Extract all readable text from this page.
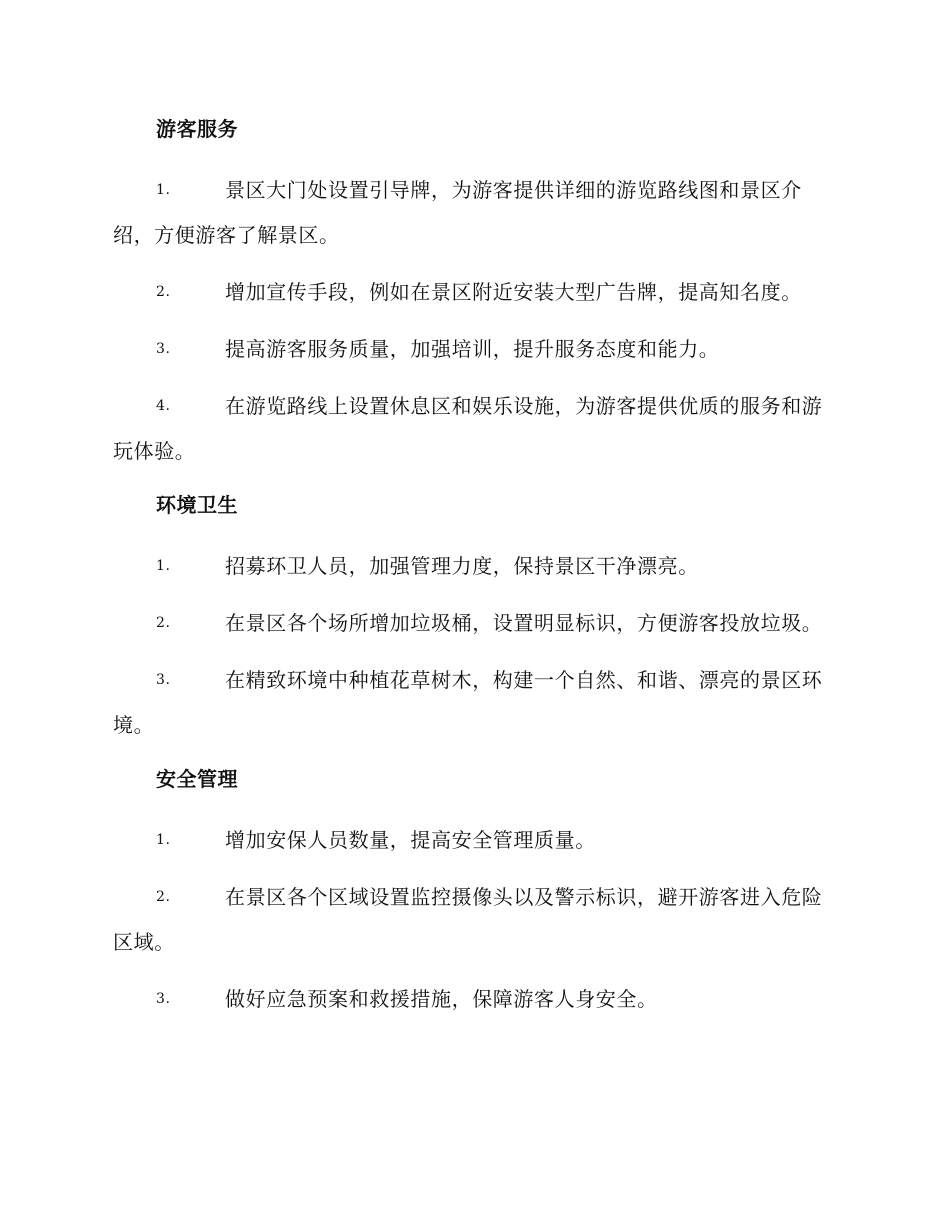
游客服务
1.	景区大门处设置引导牌，为游客提供详细的游览路线图和景区介绍，方便游客了解景区。
2.	增加宣传手段，例如在景区附近安装大型广告牌，提高知名度。
3.	提高游客服务质量，加强培训，提升服务态度和能力。
4.	在游览路线上设置休息区和娱乐设施，为游客提供优质的服务和游玩体验。
环境卫生
1.	招募环卫人员，加强管理力度，保持景区干净漂亮。
2.	在景区各个场所增加垃圾桶，设置明显标识，方便游客投放垃圾。
3.	在精致环境中种植花草树木，构建一个自然、和谐、漂亮的景区环境。
安全管理
1.	增加安保人员数量，提高安全管理质量。
2.	在景区各个区域设置监控摄像头以及警示标识，避开游客进入危险区域。
3.	做好应急预案和救援措施，保障游客人身安全。
